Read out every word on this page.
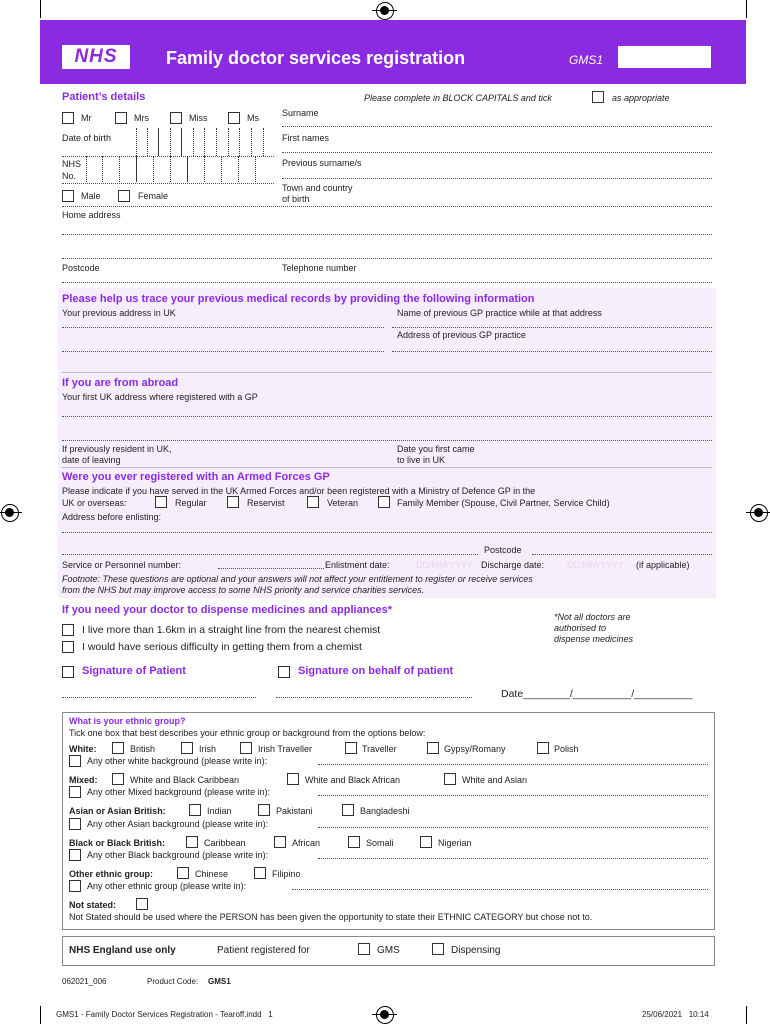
NHS	Family doctor services registration	GMS1
Patient’s details	Please complete in BLOCK CAPITALS and tick	as appropriate
Mr	Mrs	Miss	Ms	Surname
Date of birth	First names
NHS
No.
Previous surname/s
Male	Female
Town and country
of birth
Home address
Postcode	Telephone number
Please help us trace your previous medical records by providing the following information
Your previous address in UK	Name of previous GP practice while at that address
Address of previous GP practice
If you are from abroad
Your first UK address where registered with a GP
If previously resident in UK,
date of leaving
Date you first came
to live in UK
Were you ever registered with an Armed Forces GP
Please indicate if you have served in the UK Armed Forces and/or been registered with a Ministry of Defence GP in the
UK or overseas:	Regular	Reservist	Veteran	Family Member (Spouse, Civil Partner, Service Child)
Address before enlisting:
Postcode
Service or Personnel number:	Enlistment date:	DD/MM/YYYY Discharge date:	DD/MM/YYYY (if applicable)
Footnote: These questions are optional and your answers will not affect your entitlement to register or receive services
from the NHS but may improve access to some NHS priority and service charities services.
If you need your doctor to dispense medicines and appliances*
I live more than 1.6km in a straight line from the nearest chemist
I would have serious difficulty in getting them from a chemist
*Not all doctors are
authorised to
dispense medicines
Signature of Patient	Signature on behalf of patient
Date________/__________/__________
What is your ethnic group?
Tick one box that best describes your ethnic group or background from the options below:
White:	British	Irish	Irish Traveller	Traveller	Gypsy/Romany	Polish
Any other white background (please write in):
Mixed:	White and Black Caribbean	White and Black African	White and Asian
Any other Mixed background (please write in):
Asian or Asian British:	Indian	Pakistani	Bangladeshi
Any other Asian background (please write in):
Black or Black British:	Caribbean	African	Somali	Nigerian
Any other Black background (please write in):
Other ethnic group:	Chinese	Filipino
Any other ethnic group (please write in):
Not stated:
Not Stated should be used where the PERSON has been given the opportunity to state their ETHNIC CATEGORY but chose not to.
NHS England use only	Patient registered for	GMS	Dispensing
062021_006	Product Code: GMS1
GMS1 - Family Doctor Services Registration - Tearoff.indd   1	25/06/2021   10:14
